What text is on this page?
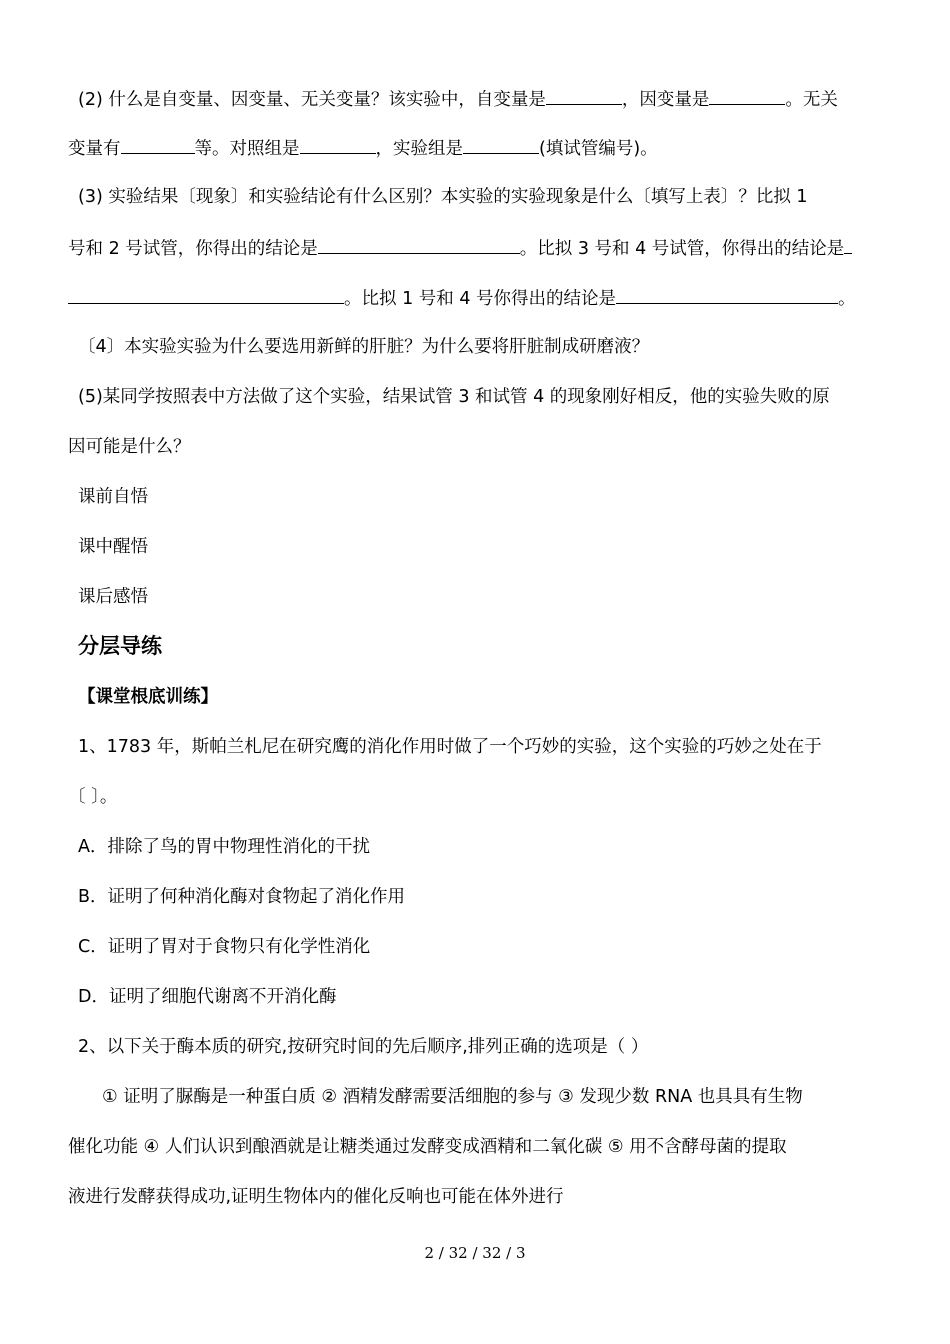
(2) 什么是自变量、因变量、无关变量？该实验中，自变量是	，因变量是	。无关
变量有	等。对照组是	，实验组是	(填试管编号)。
(3) 实验结果〔现象〕和实验结论有什么区别？本实验的实验现象是什么〔填写上表〕？比拟 1
号和 2 号试管，你得出的结论是	。比拟 3 号和 4 号试管，你得出的结论是
。比拟 1 号和 4 号你得出的结论是	。
〔4〕本实验实验为什么要选用新鲜的肝脏？为什么要将肝脏制成研磨液？
(5)某同学按照表中方法做了这个实验，结果试管 3 和试管 4 的现象刚好相反，他的实验失败的原
因可能是什么？
课前自悟
课中醒悟
课后感悟
分层导练
【课堂根底训练】
1、1783 年，斯帕兰札尼在研究鹰的消化作用时做了一个巧妙的实验，这个实验的巧妙之处在于
〔 〕。
A．排除了鸟的胃中物理性消化的干扰
B．证明了何种消化酶对食物起了消化作用
C．证明了胃对于食物只有化学性消化
D．证明了细胞代谢离不开消化酶
2、以下关于酶本质的研究,按研究时间的先后顺序,排列正确的选项是（ ）
① 证明了脲酶是一种蛋白质 ② 酒精发酵需要活细胞的参与 ③ 发现少数 RNA 也具具有生物
催化功能 ④ 人们认识到酿酒就是让糖类通过发酵变成酒精和二氧化碳 ⑤ 用不含酵母菌的提取
液进行发酵获得成功,证明生物体内的催化反响也可能在体外进行
2 / 32 / 32 / 3
